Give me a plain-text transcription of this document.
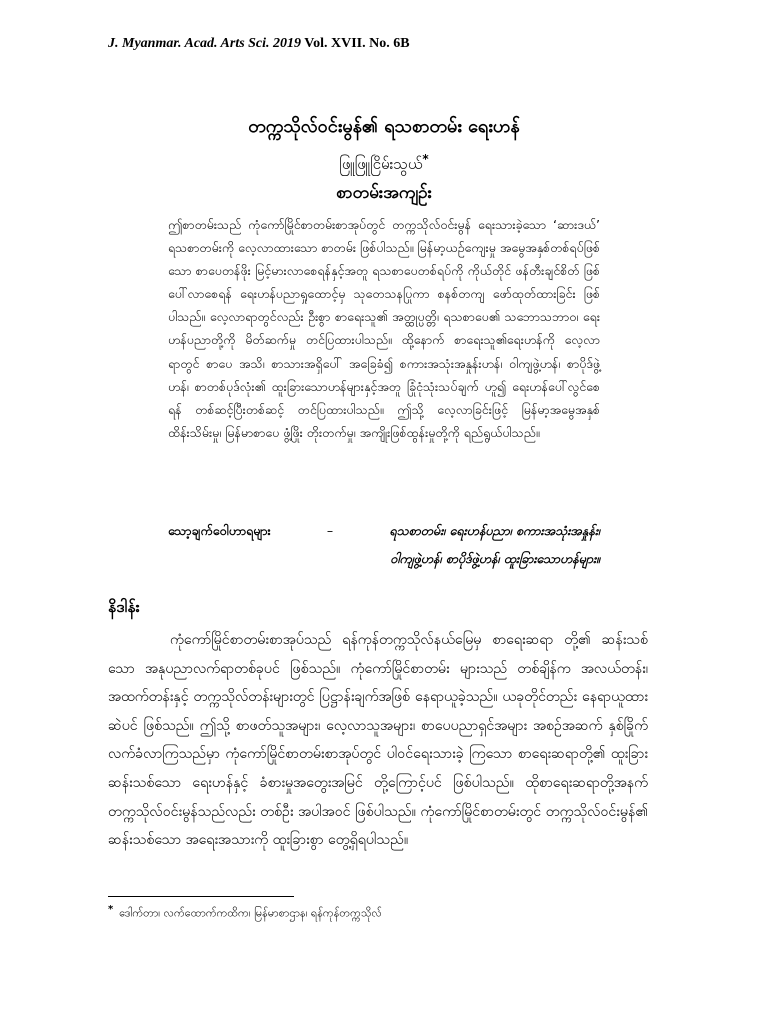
J. Myanmar. Acad. Arts Sci. 2019 Vol. XVII. No. 6B
တက္ကသိုလ်ဝင်းမွန်၏ ရသစာတမ်း ရေးဟန်
ဖြူဖြူငြိမ်းသွယ်*
စာတမ်းအကျဉ်း
ဤစာတမ်းသည် ကုံကော်မြိုင်စာတမ်းစာအုပ်တွင် တက္ကသိုလ်ဝင်းမွန် ရေးသားခဲ့သော ‘ဆားဒယ်’ ရသစာတမ်းကို လေ့လာထားသော စာတမ်း ဖြစ်ပါသည်။ မြန်မာ့ယဉ်ကျေးမှု အမွေအနှစ်တစ်ရပ်ဖြစ်သော စာပေတန်ဖိုး မြင့်မားလာစေရန်နှင့်အတူ ရသစာပေတစ်ရပ်ကို ကိုယ်တိုင် ဖန်တီးချင်စိတ် ဖြစ်ပေါ်လာစေရန် ရေးဟန်ပညာရှုထောင့်မှ သုတေသနပြုကာ စနစ်တကျ ဖော်ထုတ်ထားခြင်း ဖြစ်ပါသည်။ လေ့လာရာတွင်လည်း ဦးစွာ စာရေးသူ၏ အတ္ထုပ္ပတ္တိ၊ ရသစာပေ၏ သဘောသဘာဝ၊ ရေးဟန်ပညာတို့ကို မိတ်ဆက်မှု တင်ပြထားပါသည်။ ထို့နောက် စာရေးသူ၏ရေးဟန်ကို လေ့လာရာတွင် စာပေ အသိ၊ စာသားအရှိပေါ် အခြေခံ၍ စကားအသုံးအနှုန်းဟန်၊ ဝါကျဖွဲ့ဟန်၊ စာပိုဒ်ဖွဲ့ဟန်၊ စာတစ်ပုဒ်လုံး၏ ထူးခြားသောဟန်များနှင့်အတူ ခြုံငုံသုံးသပ်ချက် ဟူ၍ ရေးဟန်ပေါ်လွင်စေရန် တစ်ဆင့်ပြီးတစ်ဆင့် တင်ပြထားပါသည်။ ဤသို့ လေ့လာခြင်းဖြင့် မြန်မာ့အမွေအနှစ် ထိန်းသိမ်းမှု၊ မြန်မာစာပေ ဖွံ့ဖြိုး တိုးတက်မှု၊ အကျိုးဖြစ်ထွန်းမှုတို့ကို ရည်ရွယ်ပါသည်။
သော့ချက်ဝေါဟာရများ	–	ရသစာတမ်း၊ ရေးဟန်ပညာ၊ စကားအသုံးအနှုန်း၊
ဝါကျဖွဲ့ဟန်၊ စာပိုဒ်ဖွဲ့ဟန်၊ ထူးခြားသောဟန်များ။
နိဒါန်း
ကုံကော်မြိုင်စာတမ်းစာအုပ်သည် ရန်ကုန်တက္ကသိုလ်နယ်မြေမှ စာရေးဆရာ တို့၏ ဆန်းသစ်သော အနုပညာလက်ရာတစ်ခုပင် ဖြစ်သည်။ ကုံကော်မြိုင်စာတမ်း များသည် တစ်ချိန်က အလယ်တန်း၊ အထက်တန်းနှင့် တက္ကသိုလ်တန်းများတွင် ပြဋ္ဌာန်းချက်အဖြစ် နေရာယူခဲ့သည်။ ယခုတိုင်တည်း နေရာယူထားဆဲပင် ဖြစ်သည်။ ဤသို့ စာဖတ်သူအများ၊ လေ့လာသူအများ၊ စာပေပညာရှင်အများ အစဉ်အဆက် နှစ်ခြိုက်လက်ခံလာကြသည်မှာ ကုံကော်မြိုင်စာတမ်းစာအုပ်တွင် ပါဝင်ရေးသားခဲ့ ကြသော စာရေးဆရာတို့၏ ထူးခြားဆန်းသစ်သော ရေးဟန်နှင့် ခံစားမှုအတွေးအမြင် တို့ကြောင့်ပင် ဖြစ်ပါသည်။ ထိုစာရေးဆရာတို့အနက် တက္ကသိုလ်ဝင်းမွန်သည်လည်း တစ်ဦး အပါအဝင် ဖြစ်ပါသည်။ ကုံကော်မြိုင်စာတမ်းတွင် တက္ကသိုလ်ဝင်းမွန်၏ ဆန်းသစ်သော အရေးအသားကို ထူးခြားစွာ တွေ့ရှိရပါသည်။
* ဒေါက်တာ၊ လက်ထောက်ကထိက၊ မြန်မာစာဌာန၊ ရန်ကုန်တက္ကသိုလ်
